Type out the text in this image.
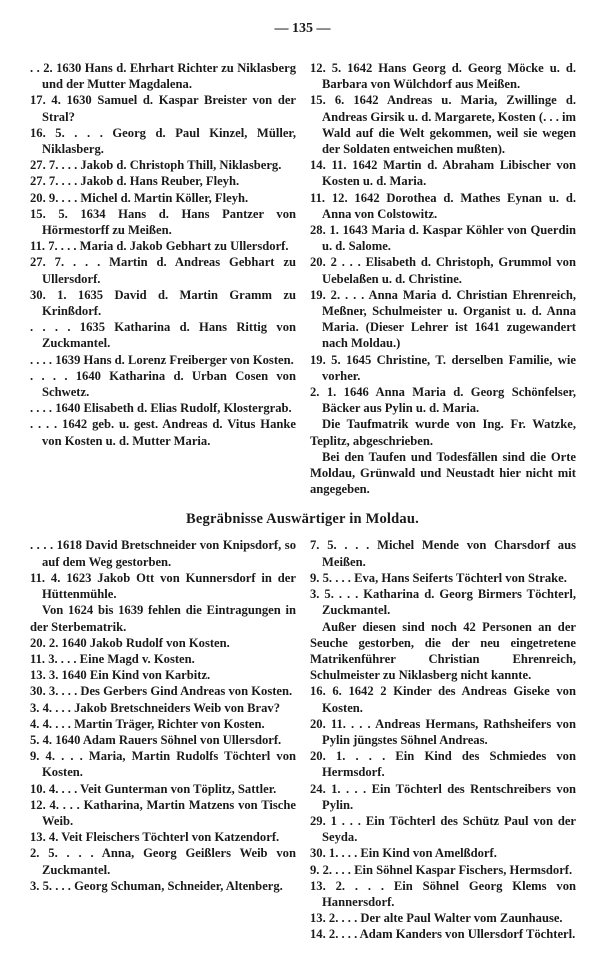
— 135 —

. . 2. 1630 Hans d. Ehrhart Richter zu Niklasberg und der Mutter Magdalena.

17. 4. 1630 Samuel d. Kaspar Breister von der Stral?

16. 5. . . . Georg d. Paul Kinzel, Müller, Niklasberg.

27. 7. . . . Jakob d. Christoph Thill, Niklasberg.

27. 7. . . . Jakob d. Hans Reuber, Fleyh.

20. 9. . . . Michel d. Martin Köller, Fleyh.

15. 5. 1634 Hans d. Hans Pantzer von Hörmestorff zu Meißen.

11. 7. . . . Maria d. Jakob Gebhart zu Ullersdorf.

27. 7. . . . Martin d. Andreas Gebhart zu Ullersdorf.

30. 1. 1635 David d. Martin Gramm zu Krinßdorf.

. . . . 1635 Katharina d. Hans Rittig von Zuckmantel.

. . . . 1639 Hans d. Lorenz Freiberger von Kosten.

. . . . 1640 Katharina d. Urban Cosen von Schwetz.

. . . . 1640 Elisabeth d. Elias Rudolf, Klostergrab.

. . . . 1642 geb. u. gest. Andreas d. Vitus Hanke von Kosten u. d. Mutter Maria.

12. 5. 1642 Hans Georg d. Georg Möcke u. d. Barbara von Wülchdorf aus Meißen.

15. 6. 1642 Andreas u. Maria, Zwillinge d. Andreas Girsik u. d. Margarete, Kosten (. . . im Wald auf die Welt gekommen, weil sie wegen der Soldaten entweichen mußten).

14. 11. 1642 Martin d. Abraham Libischer von Kosten u. d. Maria.

11. 12. 1642 Dorothea d. Mathes Eynan u. d. Anna von Colstowitz.

28. 1. 1643 Maria d. Kaspar Köhler von Querdin u. d. Salome.

20. 2 . . . Elisabeth d. Christoph, Grummol von Uebelaßen u. d. Christine.

19. 2. . . . Anna Maria d. Christian Ehrenreich, Meßner, Schulmeister u. Organist u. d. Anna Maria. (Dieser Lehrer ist 1641 zugewandert nach Moldau.)

19. 5. 1645 Christine, T. derselben Familie, wie vorher.

2. 1. 1646 Anna Maria d. Georg Schönfelser, Bäcker aus Pylin u. d. Maria.

Die Taufmatrik wurde von Ing. Fr. Watzke, Teplitz, abgeschrieben.

Bei den Taufen und Todesfällen sind die Orte Moldau, Grünwald und Neustadt hier nicht mit angegeben.

Begräbnisse Auswärtiger in Moldau.

. . . . 1618 David Bretschneider von Knipsdorf, so auf dem Weg gestorben.

11. 4. 1623 Jakob Ott von Kunnersdorf in der Hüttenmühle.

Von 1624 bis 1639 fehlen die Eintragungen in der Sterbematrik.

20. 2. 1640 Jakob Rudolf von Kosten.

11. 3. . . . Eine Magd v. Kosten.

13. 3. 1640 Ein Kind von Karbitz.

30. 3. . . . Des Gerbers Gind Andreas von Kosten.

3. 4. . . . Jakob Bretschneiders Weib von Brav?

4. 4. . . . Martin Träger, Richter von Kosten.

5. 4. 1640 Adam Rauers Söhnel von Ullersdorf.

9. 4. . . . Maria, Martin Rudolfs Töchterl von Kosten.

10. 4. . . . Veit Gunterman von Töplitz, Sattler.

12. 4. . . . Katharina, Martin Matzens von Tische Weib.

13. 4. Veit Fleischers Töchterl von Katzendorf.

2. 5. . . . Anna, Georg Geißlers Weib von Zuckmantel.

3. 5. . . . Georg Schuman, Schneider, Altenberg.

7. 5. . . . Michel Mende von Charsdorf aus Meißen.

9. 5. . . . Eva, Hans Seiferts Töchterl von Strake.

3. 5. . . . Katharina d. Georg Birmers Töchterl, Zuckmantel.

Außer diesen sind noch 42 Personen an der Seuche gestorben, die der neu eingetretene Matrikenführer Christian Ehrenreich, Schulmeister zu Niklasberg nicht kannte.

16. 6. 1642 2 Kinder des Andreas Giseke von Kosten.

20. 11. . . . Andreas Hermans, Rathsheifers von Pylin jüngstes Söhnel Andreas.

20. 1. . . . Ein Kind des Schmiedes von Hermsdorf.

24. 1. . . . Ein Töchterl des Rentschreibers von Pylin.

29. 1 . . . Ein Töchterl des Schütz Paul von der Seyda.

30. 1. . . . Ein Kind von Amelßdorf.

9. 2. . . . Ein Söhnel Kaspar Fischers, Hermsdorf.

13. 2. . . . Ein Söhnel Georg Klems von Hannersdorf.

13. 2. . . . Der alte Paul Walter vom Zaunhause.

14. 2. . . . Adam Kanders von Ullersdorf Töchterl.
